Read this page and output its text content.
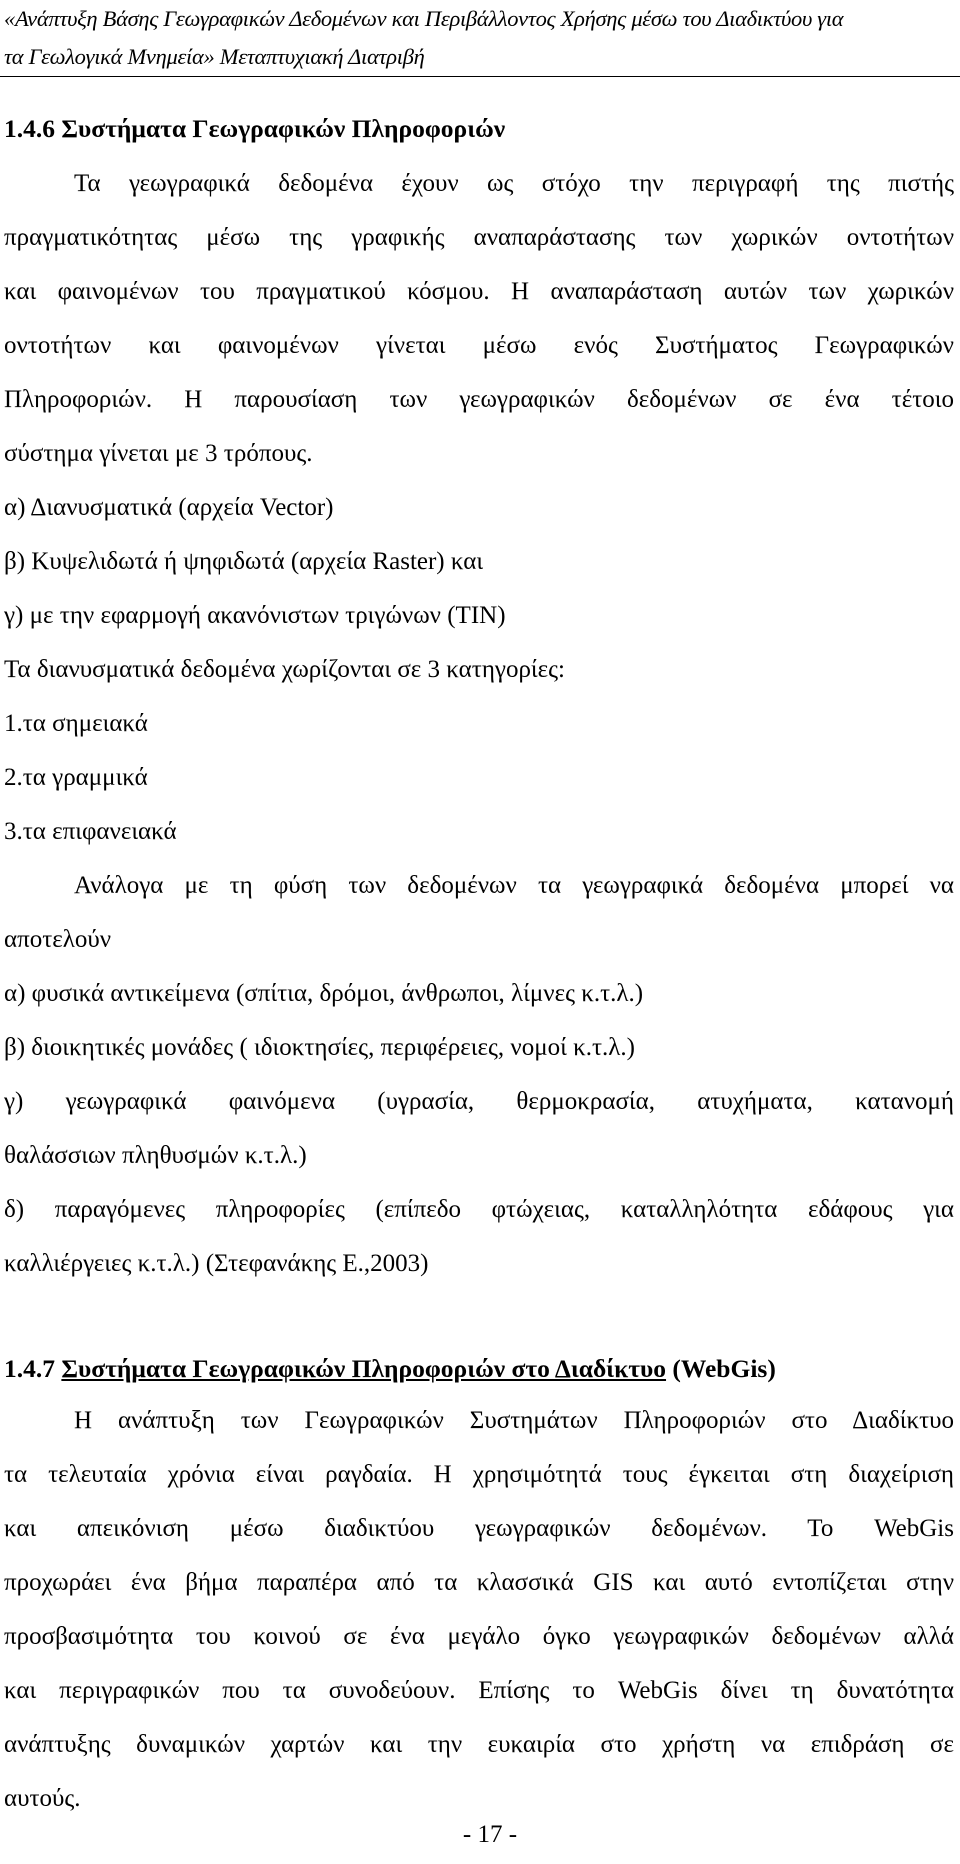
«Ανάπτυξη Βάσης Γεωγραφικών Δεδομένων και Περιβάλλοντος Χρήσης μέσω του Διαδικτύου για
τα Γεωλογικά Μνημεία» Μεταπτυχιακή Διατριβή
1.4.6 Συστήματα Γεωγραφικών Πληροφοριών
Τα γεωγραφικά δεδομένα έχουν ως στόχο την περιγραφή της πιστής
πραγματικότητας μέσω της γραφικής αναπαράστασης των χωρικών οντοτήτων
και φαινομένων του πραγματικού κόσμου. Η αναπαράσταση αυτών των χωρικών
οντοτήτων και φαινομένων γίνεται μέσω ενός Συστήματος Γεωγραφικών
Πληροφοριών. Η παρουσίαση των γεωγραφικών δεδομένων σε ένα τέτοιο
σύστημα γίνεται με 3 τρόπους.
α) Διανυσματικά (αρχεία Vector)
β) Κυψελιδωτά ή ψηφιδωτά (αρχεία Raster) και
γ) με την εφαρμογή ακανόνιστων τριγώνων (TIN)
Τα διανυσματικά δεδομένα χωρίζονται σε 3 κατηγορίες:
1.τα σημειακά
2.τα γραμμικά
3.τα επιφανειακά
Ανάλογα με τη φύση των δεδομένων τα γεωγραφικά δεδομένα μπορεί να
αποτελούν
α) φυσικά αντικείμενα (σπίτια, δρόμοι, άνθρωποι, λίμνες κ.τ.λ.)
β) διοικητικές μονάδες ( ιδιοκτησίες, περιφέρειες, νομοί κ.τ.λ.)
γ) γεωγραφικά φαινόμενα (υγρασία, θερμοκρασία, ατυχήματα, κατανομή
θαλάσσιων πληθυσμών κ.τ.λ.)
δ) παραγόμενες πληροφορίες (επίπεδο φτώχειας, καταλληλότητα εδάφους για
καλλιέργειες κ.τ.λ.) (Στεφανάκης Ε.,2003)
1.4.7 Συστήματα Γεωγραφικών Πληροφοριών στο Διαδίκτυο (WebGis)
Η ανάπτυξη των Γεωγραφικών Συστημάτων Πληροφοριών στο Διαδίκτυο
τα τελευταία χρόνια είναι ραγδαία. Η χρησιμότητά τους έγκειται στη διαχείριση
και απεικόνιση μέσω διαδικτύου γεωγραφικών δεδομένων. Το WebGis
προχωράει ένα βήμα παραπέρα από τα κλασσικά GIS και αυτό εντοπίζεται στην
προσβασιμότητα του κοινού σε ένα μεγάλο όγκο γεωγραφικών δεδομένων αλλά
και περιγραφικών που τα συνοδεύουν. Επίσης το WebGis δίνει τη δυνατότητα
ανάπτυξης δυναμικών χαρτών και την ευκαιρία στο χρήστη να επιδράση σε
αυτούς.
- 17 -
